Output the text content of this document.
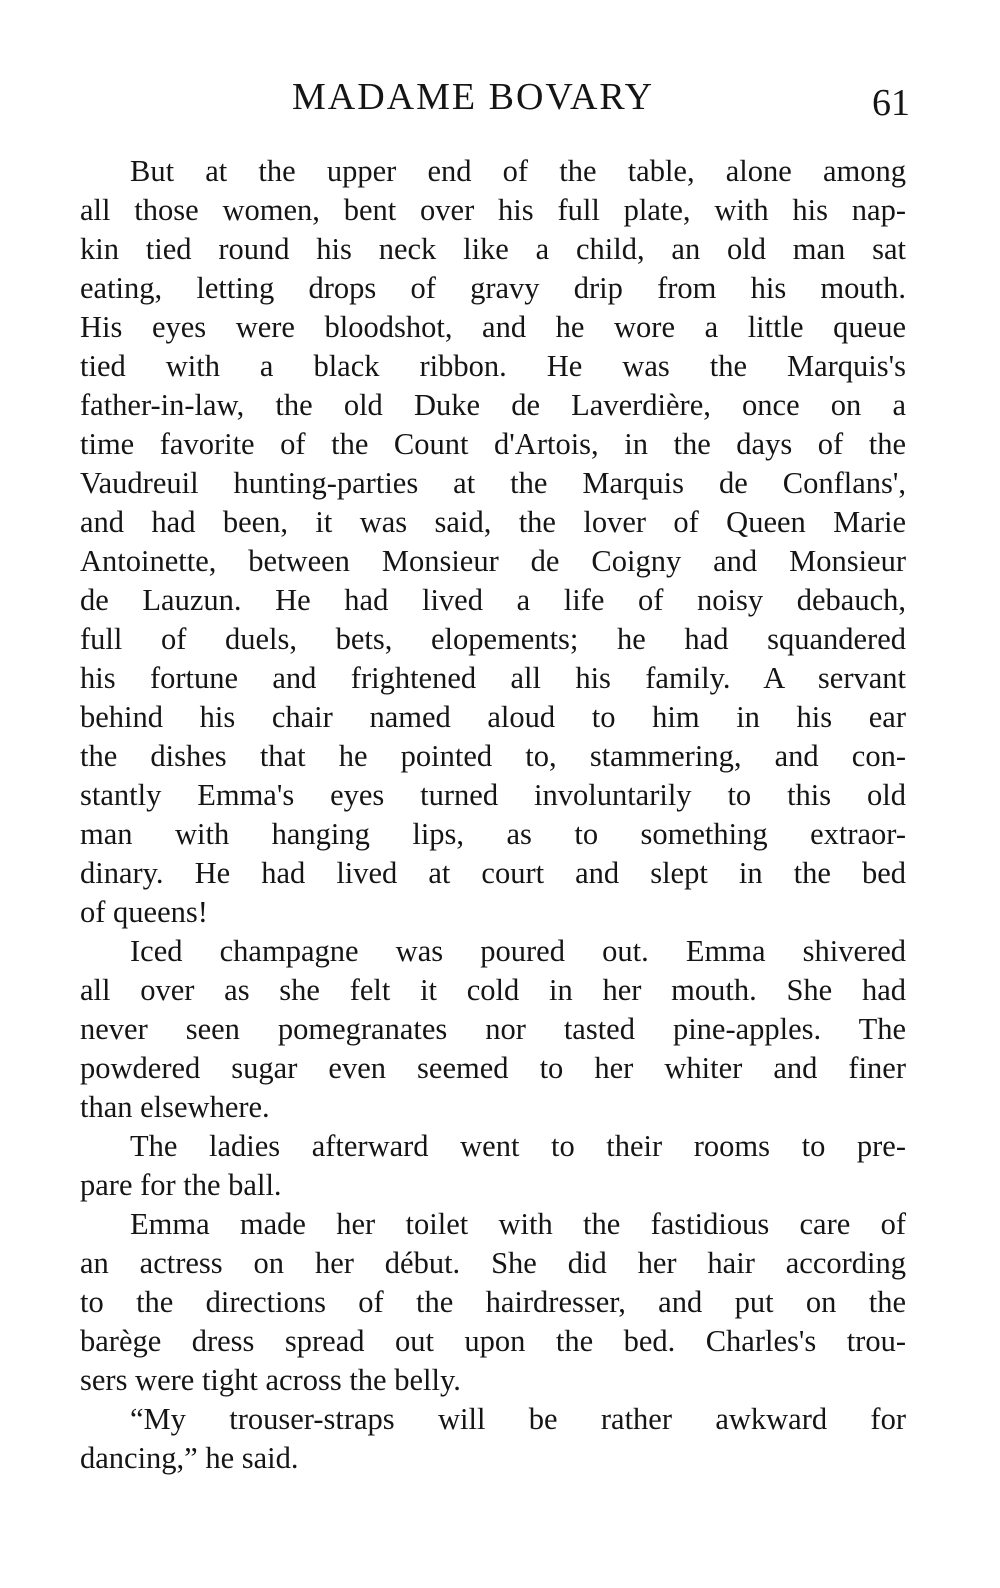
MADAME BOVARY	61
But at the upper end of the table, alone among
all those women, bent over his full plate, with his nap-
kin tied round his neck like a child, an old man sat
eating, letting drops of gravy drip from his mouth.
His eyes were bloodshot, and he wore a little queue
tied with a black ribbon. He was the Marquis's
father-in-law, the old Duke de Laverdière, once on a
time favorite of the Count d'Artois, in the days of the
Vaudreuil hunting-parties at the Marquis de Conflans',
and had been, it was said, the lover of Queen Marie
Antoinette, between Monsieur de Coigny and Monsieur
de Lauzun. He had lived a life of noisy debauch,
full of duels, bets, elopements; he had squandered
his fortune and frightened all his family. A servant
behind his chair named aloud to him in his ear
the dishes that he pointed to, stammering, and con-
stantly Emma's eyes turned involuntarily to this old
man with hanging lips, as to something extraor-
dinary. He had lived at court and slept in the bed
of queens!
Iced champagne was poured out. Emma shivered
all over as she felt it cold in her mouth. She had
never seen pomegranates nor tasted pine-apples. The
powdered sugar even seemed to her whiter and finer
than elsewhere.
The ladies afterward went to their rooms to pre-
pare for the ball.
Emma made her toilet with the fastidious care of
an actress on her début. She did her hair according
to the directions of the hairdresser, and put on the
barège dress spread out upon the bed. Charles's trou-
sers were tight across the belly.
“My trouser-straps will be rather awkward for
dancing,” he said.
